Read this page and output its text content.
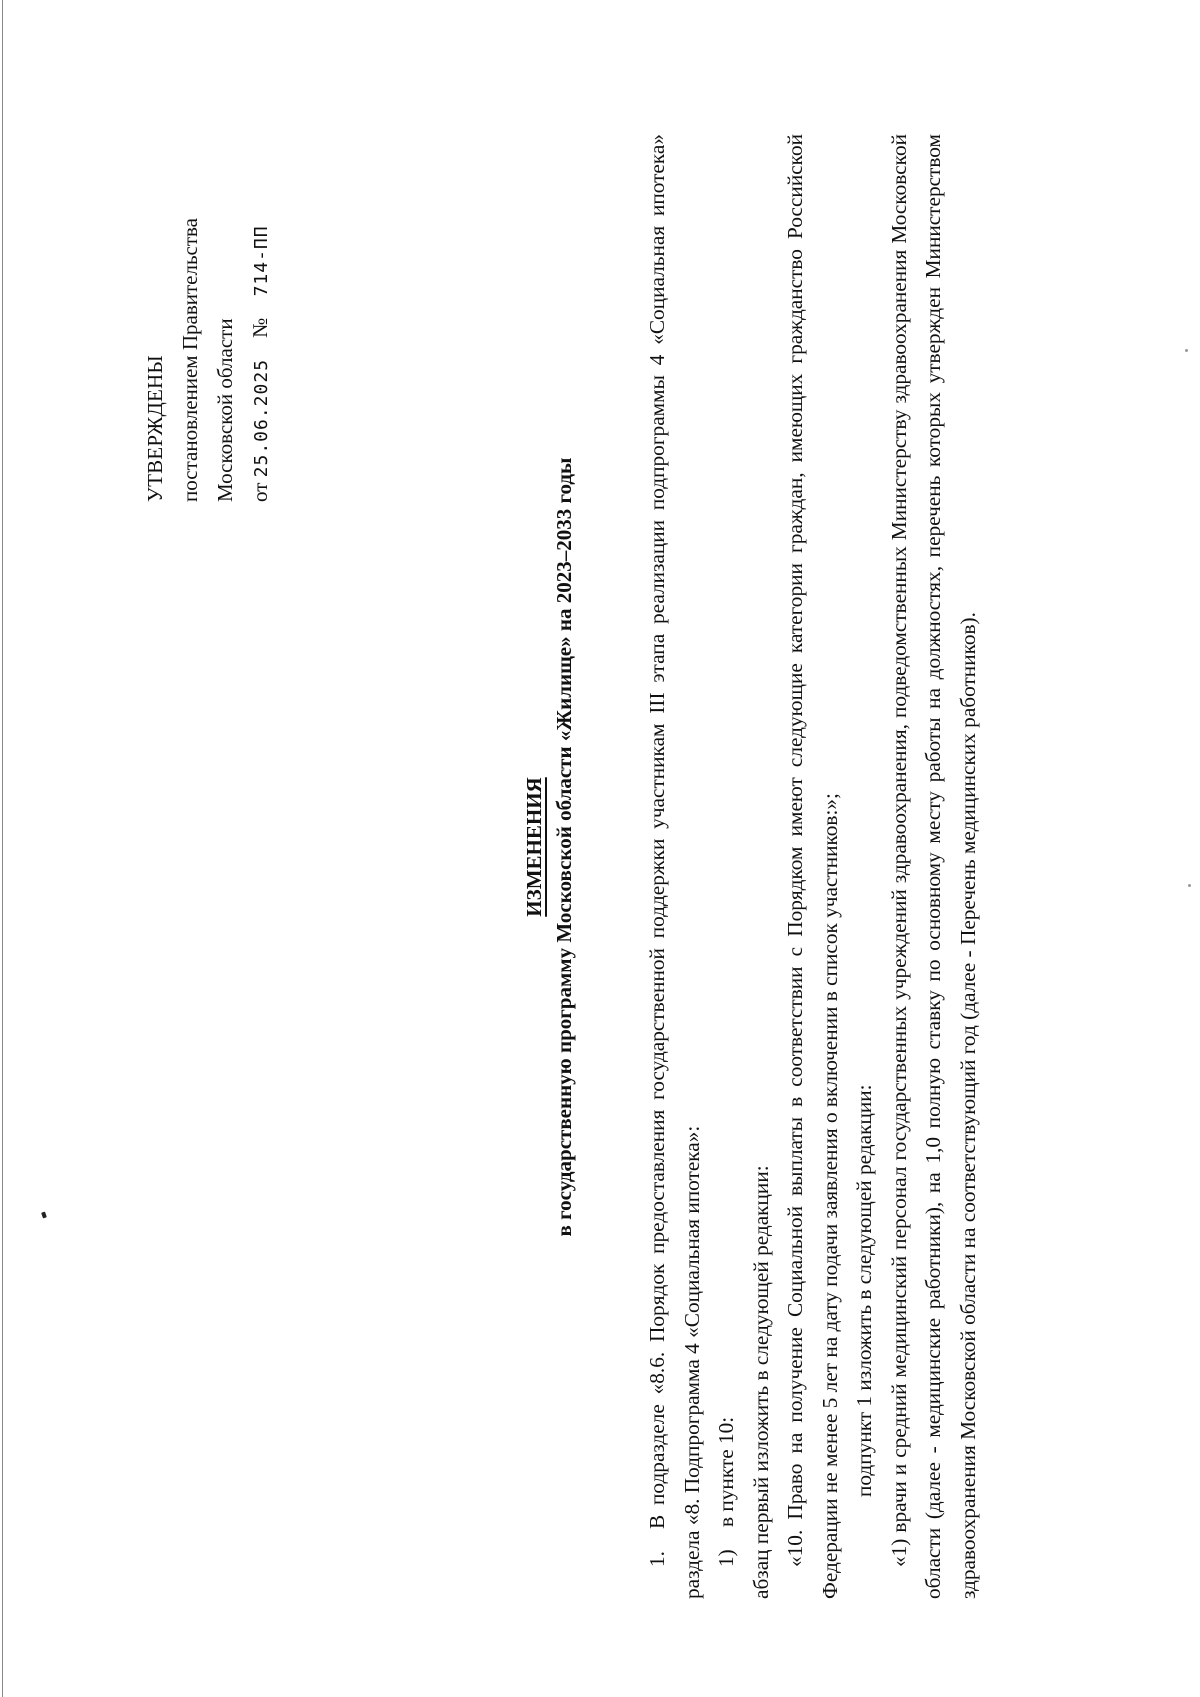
УТВЕРЖДЕНЫ постановлением Правительства Московской области от 25.06.2025 № 714-ПП
ИЗМЕНЕНИЯ в государственную программу Московской области «Жилище» на 2023–2033 годы

1.В подразделе «8.6. Порядок предоставления государственной поддержки участникам III этапа реализации подпрограммы 4 «Социальная ипотека» раздела «8. Подпрограмма 4 «Социальная ипотека»: 1)в пункте 10: абзац первый изложить в следующей редакции: «10. Право на получение Социальной выплаты в соответствии с Порядком имеют следующие категории граждан, имеющих гражданство Российской Федерации не менее 5 лет на дату подачи заявления о включении в список участников:»; подпункт 1 изложить в следующей редакции: «1) врачи и средний медицинский персонал государственных учреждений здравоохранения, подведомственных Министерству здравоохранения Московской области (далее - медицинские работники), на 1,0 полную ставку по основному месту работы на должностях, перечень которых утвержден Министерством здравоохранения Московской области на соответствующий год (далее - Перечень медицинских работников).
